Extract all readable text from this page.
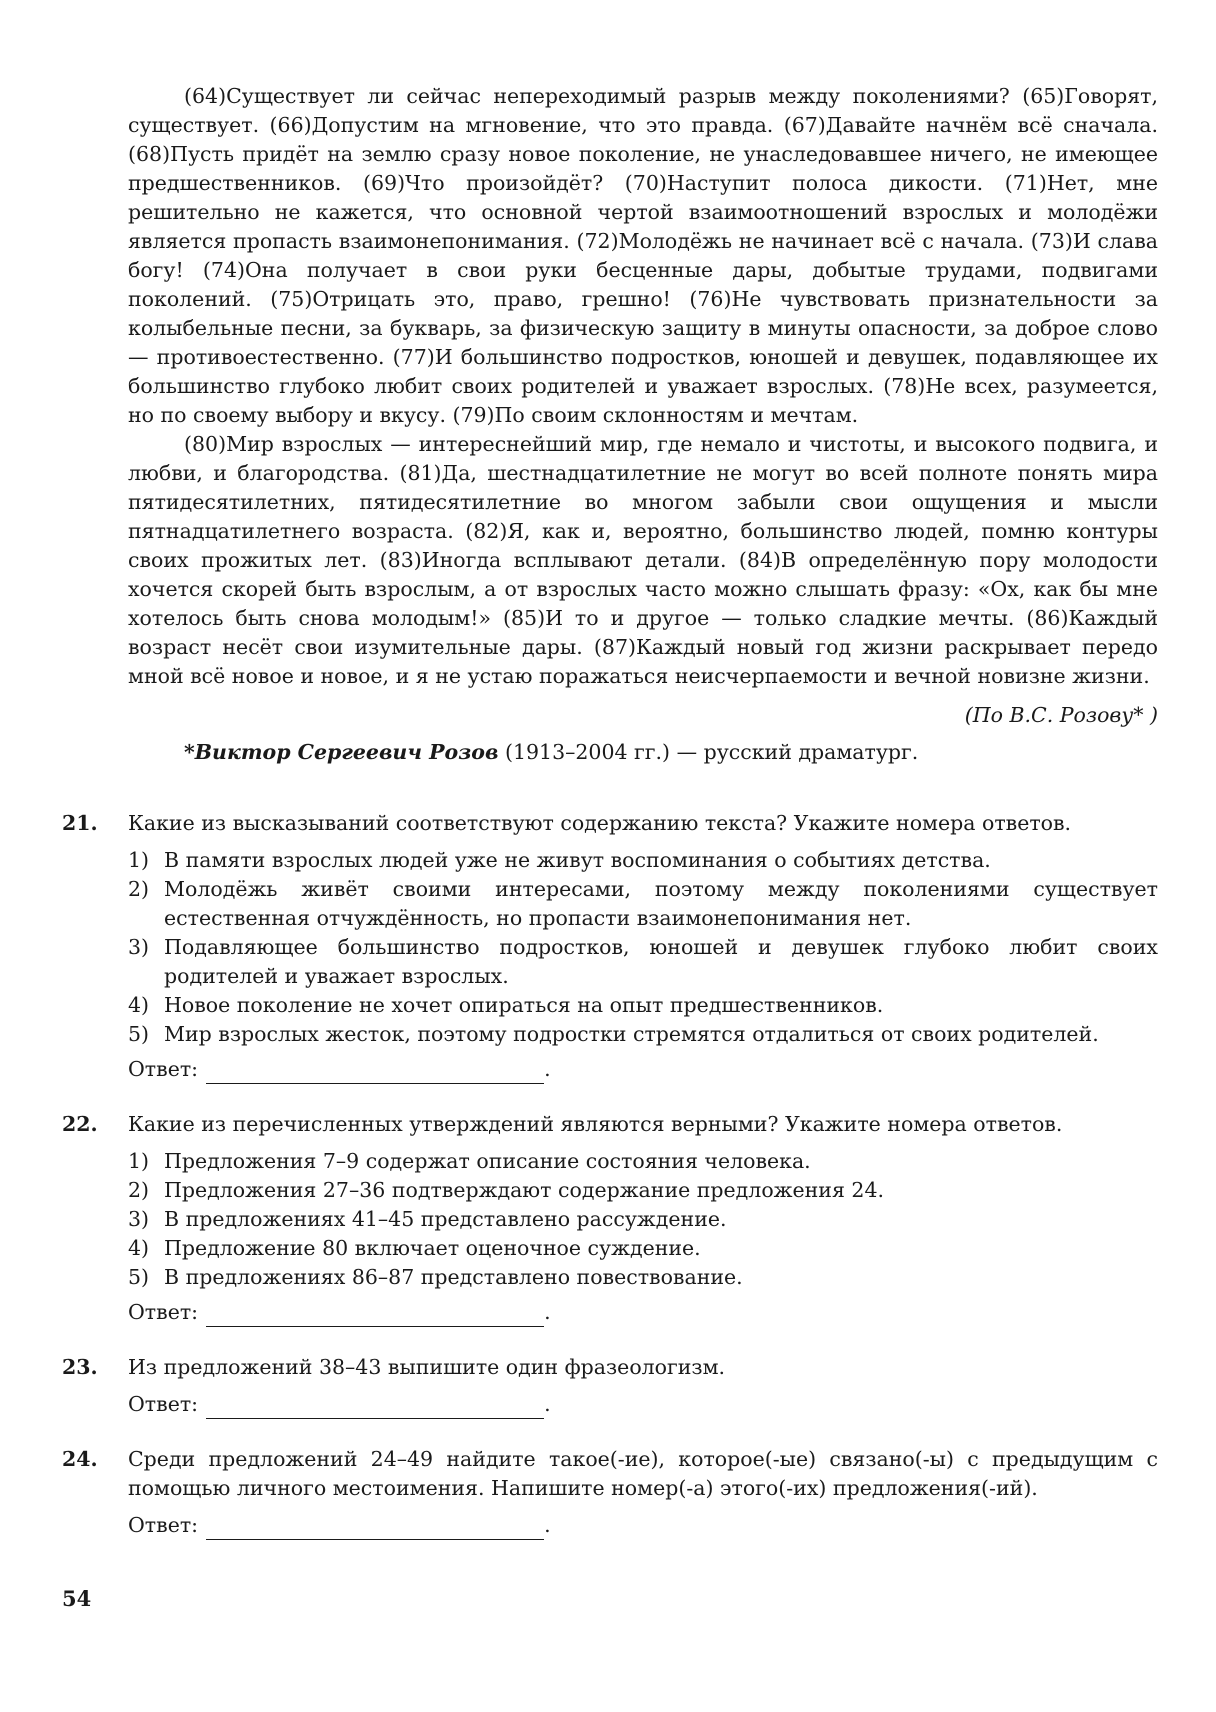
(64)Существует ли сейчас непереходимый разрыв между поколениями? (65)Говорят, существует. (66)Допустим на мгновение, что это правда. (67)Давайте начнём всё сначала. (68)Пусть придёт на землю сразу новое поколение, не унаследовавшее ничего, не имеющее предшественников. (69)Что произойдёт? (70)Наступит полоса дикости. (71)Нет, мне решительно не кажется, что основной чертой взаимоотношений взрослых и молодёжи является пропасть взаимонепонимания. (72)Молодёжь не начинает всё с начала. (73)И слава богу! (74)Она получает в свои руки бесценные дары, добытые трудами, подвигами поколений. (75)Отрицать это, право, грешно! (76)Не чувствовать признательности за колыбельные песни, за букварь, за физическую защиту в минуты опасности, за доброе слово — противоестественно. (77)И большинство подростков, юношей и девушек, подавляющее их большинство глубоко любит своих родителей и уважает взрослых. (78)Не всех, разумеется, но по своему выбору и вкусу. (79)По своим склонностям и мечтам.

(80)Мир взрослых — интереснейший мир, где немало и чистоты, и высокого подвига, и любви, и благородства. (81)Да, шестнадцатилетние не могут во всей полноте понять мира пятидесятилетних, пятидесятилетние во многом забыли свои ощущения и мысли пятнадцатилетнего возраста. (82)Я, как и, вероятно, большинство людей, помню контуры своих прожитых лет. (83)Иногда всплывают детали. (84)В определённую пору молодости хочется скорей быть взрослым, а от взрослых часто можно слышать фразу: «Ох, как бы мне хотелось быть снова молодым!» (85)И то и другое — только сладкие мечты. (86)Каждый возраст несёт свои изумительные дары. (87)Каждый новый год жизни раскрывает передо мной всё новое и новое, и я не устаю поражаться неисчерпаемости и вечной новизне жизни.

(По В.С. Розову* )
*Виктор Сергеевич Розов (1913–2004 гг.) — русский драматург.
21. Какие из высказываний соответствуют содержанию текста? Укажите номера ответов.

1) В памяти взрослых людей уже не живут воспоминания о событиях детства.
2) Молодёжь живёт своими интересами, поэтому между поколениями существует естественная отчуждённость, но пропасти взаимонепонимания нет.
3) Подавляющее большинство подростков, юношей и девушек глубоко любит своих родителей и уважает взрослых.
4) Новое поколение не хочет опираться на опыт предшественников.
5) Мир взрослых жесток, поэтому подростки стремятся отдалиться от своих родителей.
Ответ:	.
22. Какие из перечисленных утверждений являются верными? Укажите номера ответов.

1) Предложения 7–9 содержат описание состояния человека.
2) Предложения 27–36 подтверждают содержание предложения 24.
3) В предложениях 41–45 представлено рассуждение.
4) Предложение 80 включает оценочное суждение.
5) В предложениях 86–87 представлено повествование.
Ответ:	.
23. Из предложений 38–43 выпишите один фразеологизм.

Ответ:	.
24. Среди предложений 24–49 найдите такое(-ие), которое(-ые) связано(-ы) с предыдущим с помощью личного местоимения. Напишите номер(-а) этого(-их) предложения(-ий).

Ответ:	.
54
